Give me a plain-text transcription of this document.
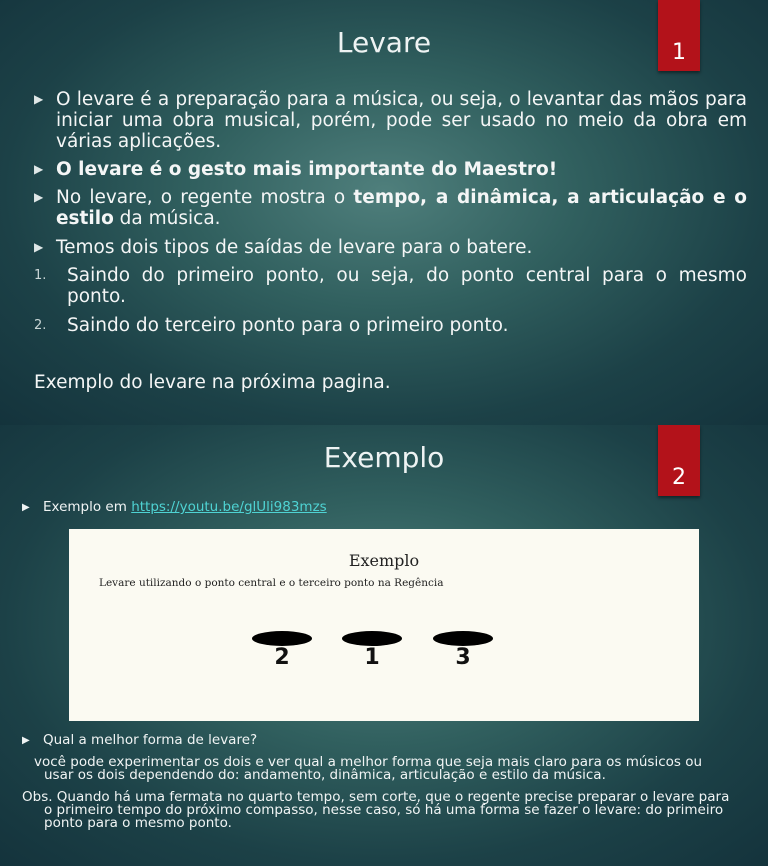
1
Levare
▶ O levare é a preparação para a música, ou seja, o levantar das mãos para iniciar uma obra musical, porém, pode ser usado no meio da obra em várias aplicações.
▶ O levare é o gesto mais importante do Maestro!
▶ No levare, o regente mostra o tempo, a dinâmica, a articulação e o estilo da música.
▶ Temos dois tipos de saídas de levare para o batere.
1. Saindo do primeiro ponto, ou seja, do ponto central para o mesmo ponto.
2. Saindo do terceiro ponto para o primeiro ponto.
Exemplo do levare na próxima pagina.
2
Exemplo
▶ Exemplo em https://youtu.be/glUli983mzs
Exemplo
Levare utilizando o ponto central e o terceiro ponto na Regência
2	1	3
▶ Qual a melhor forma de levare?
você pode experimentar os dois e ver qual a melhor forma que seja mais claro para os músicos ou usar os dois dependendo do: andamento, dinâmica, articulação e estilo da música.
Obs. Quando há uma fermata no quarto tempo, sem corte, que o regente precise preparar o levare para o primeiro tempo do próximo compasso, nesse caso, só há uma forma se fazer o levare: do primeiro ponto para o mesmo ponto.
